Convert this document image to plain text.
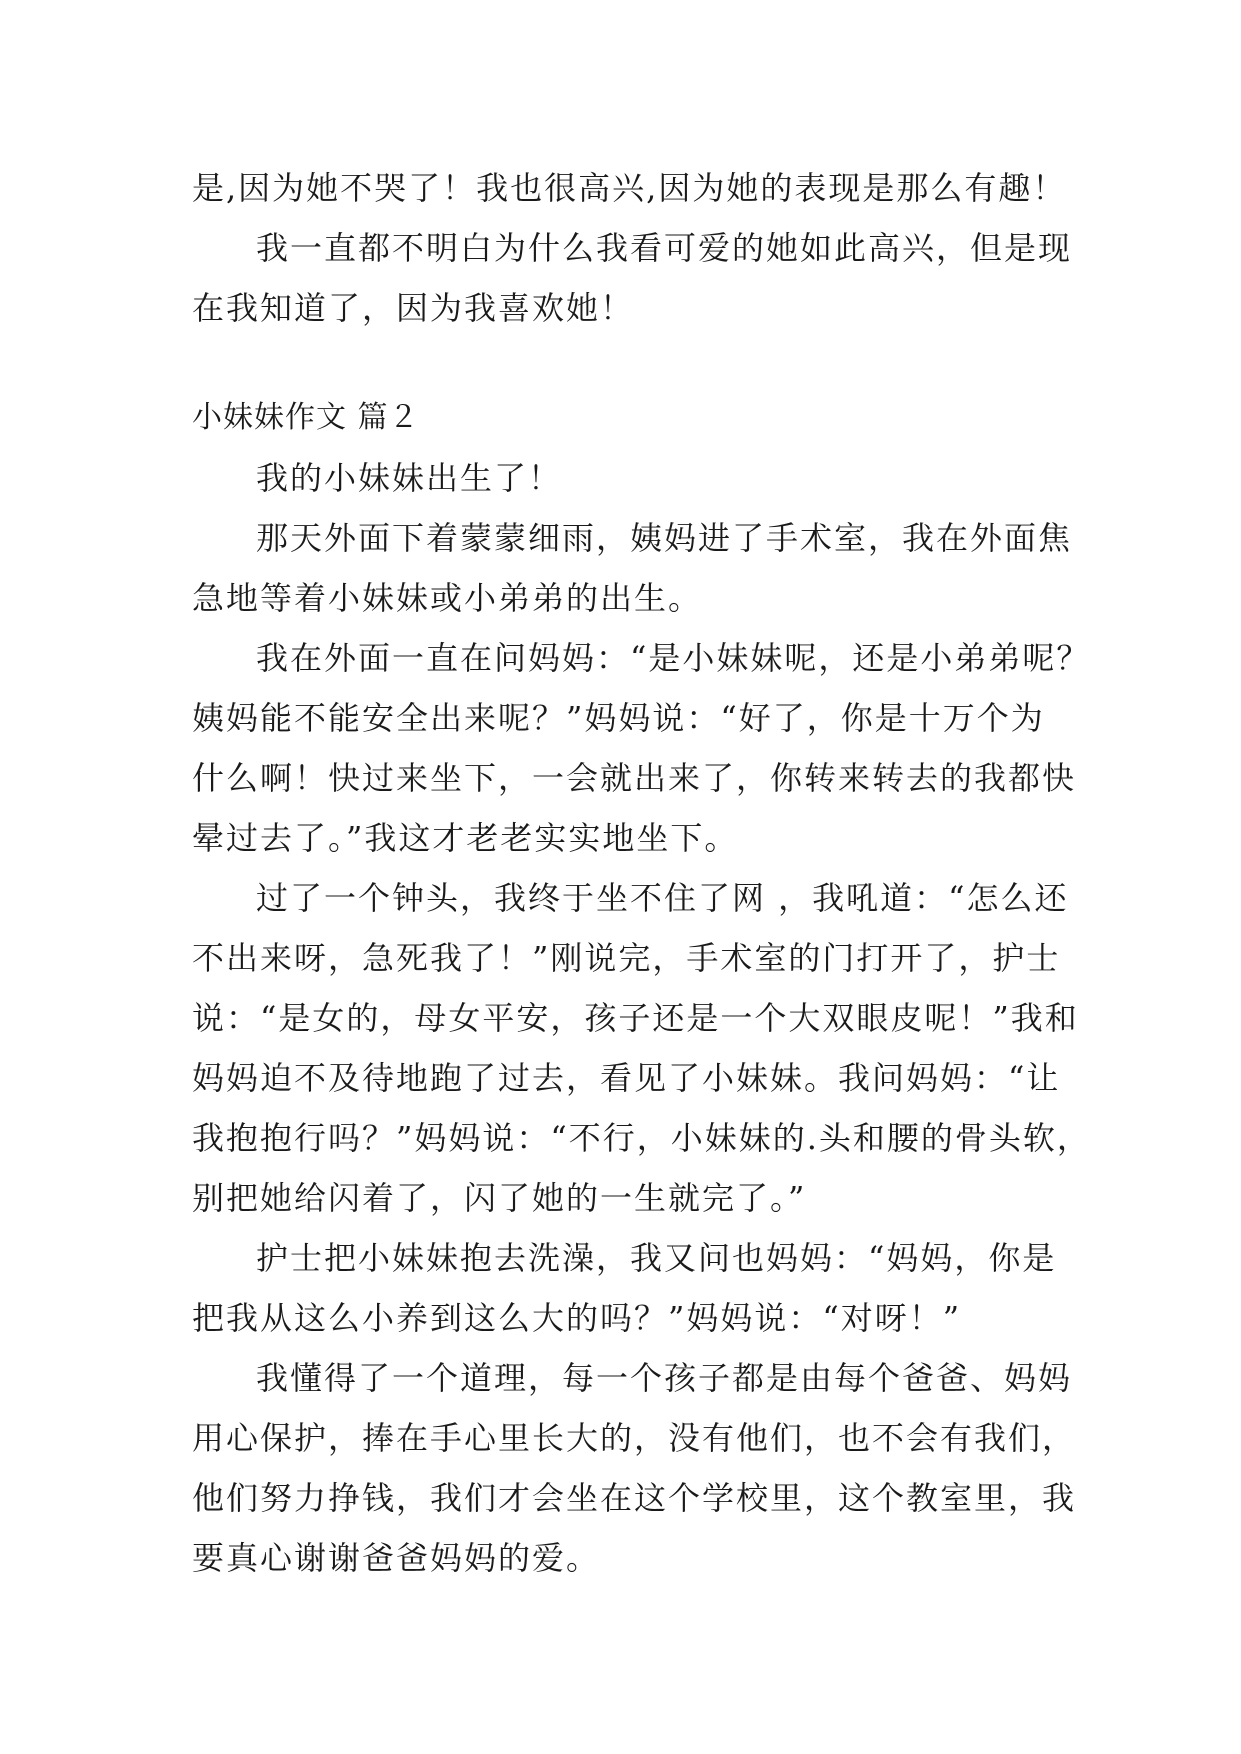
是,因为她不哭了！我也很高兴,因为她的表现是那么有趣！
我一直都不明白为什么我看可爱的她如此高兴，但是现
在我知道了，因为我喜欢她！
小妹妹作文 篇２
我的小妹妹出生了！
那天外面下着蒙蒙细雨，姨妈进了手术室，我在外面焦
急地等着小妹妹或小弟弟的出生。
我在外面一直在问妈妈：“是小妹妹呢，还是小弟弟呢？
姨妈能不能安全出来呢？”妈妈说：“好了，你是十万个为
什么啊！快过来坐下，一会就出来了，你转来转去的我都快
晕过去了。”我这才老老实实地坐下。
过了一个钟头，我终于坐不住了网 ，我吼道：“怎么还
不出来呀，急死我了！”刚说完，手术室的门打开了，护士
说：“是女的，母女平安，孩子还是一个大双眼皮呢！”我和
妈妈迫不及待地跑了过去，看见了小妹妹。我问妈妈：“让
我抱抱行吗？”妈妈说：“不行，小妹妹的.头和腰的骨头软，
别把她给闪着了，闪了她的一生就完了。”
护士把小妹妹抱去洗澡，我又问也妈妈：“妈妈，你是
把我从这么小养到这么大的吗？”妈妈说：“对呀！”
我懂得了一个道理，每一个孩子都是由每个爸爸、妈妈
用心保护，捧在手心里长大的，没有他们，也不会有我们，
他们努力挣钱，我们才会坐在这个学校里，这个教室里，我
要真心谢谢爸爸妈妈的爱。
